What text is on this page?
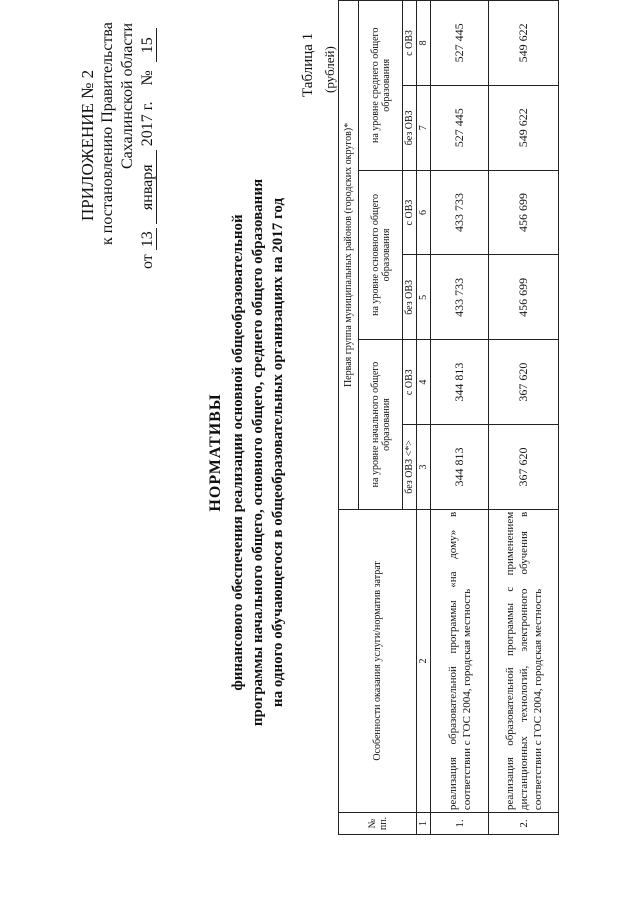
ПРИЛОЖЕНИЕ № 2 к постановлению Правительства Сахалинской области
от 13 января 2017 г.    № 15
НОРМАТИВЫ финансового обеспечения реализации основной общеобразовательной программы начального общего, основного общего, среднего общего образования на одного обучающегося в общеобразовательных организациях на 2017 год
Таблица 1 (рублей)
№ пп.	Особенности оказания услуги/норматив затрат	Первая группа муниципальных районов (городских округов)*					
		на уровне начального общего образования		на уровне основного общего образования		на уровне среднего общего образования	
		без ОВЗ <*>	с ОВЗ	без ОВЗ	с ОВЗ	без ОВЗ	с ОВЗ
1	2	3	4	5	6	7	8
1.	реализация образовательной программы «на дому» в соответствии с ГОС 2004, городская местность	344 813	344 813	433 733	433 733	527 445	527 445
2.	реализация образовательной программы с применением дистанционных технологий, электронного обучения в соответствии с ГОС 2004, городская местность	367 620	367 620	456 699	456 699	549 622	549 622
